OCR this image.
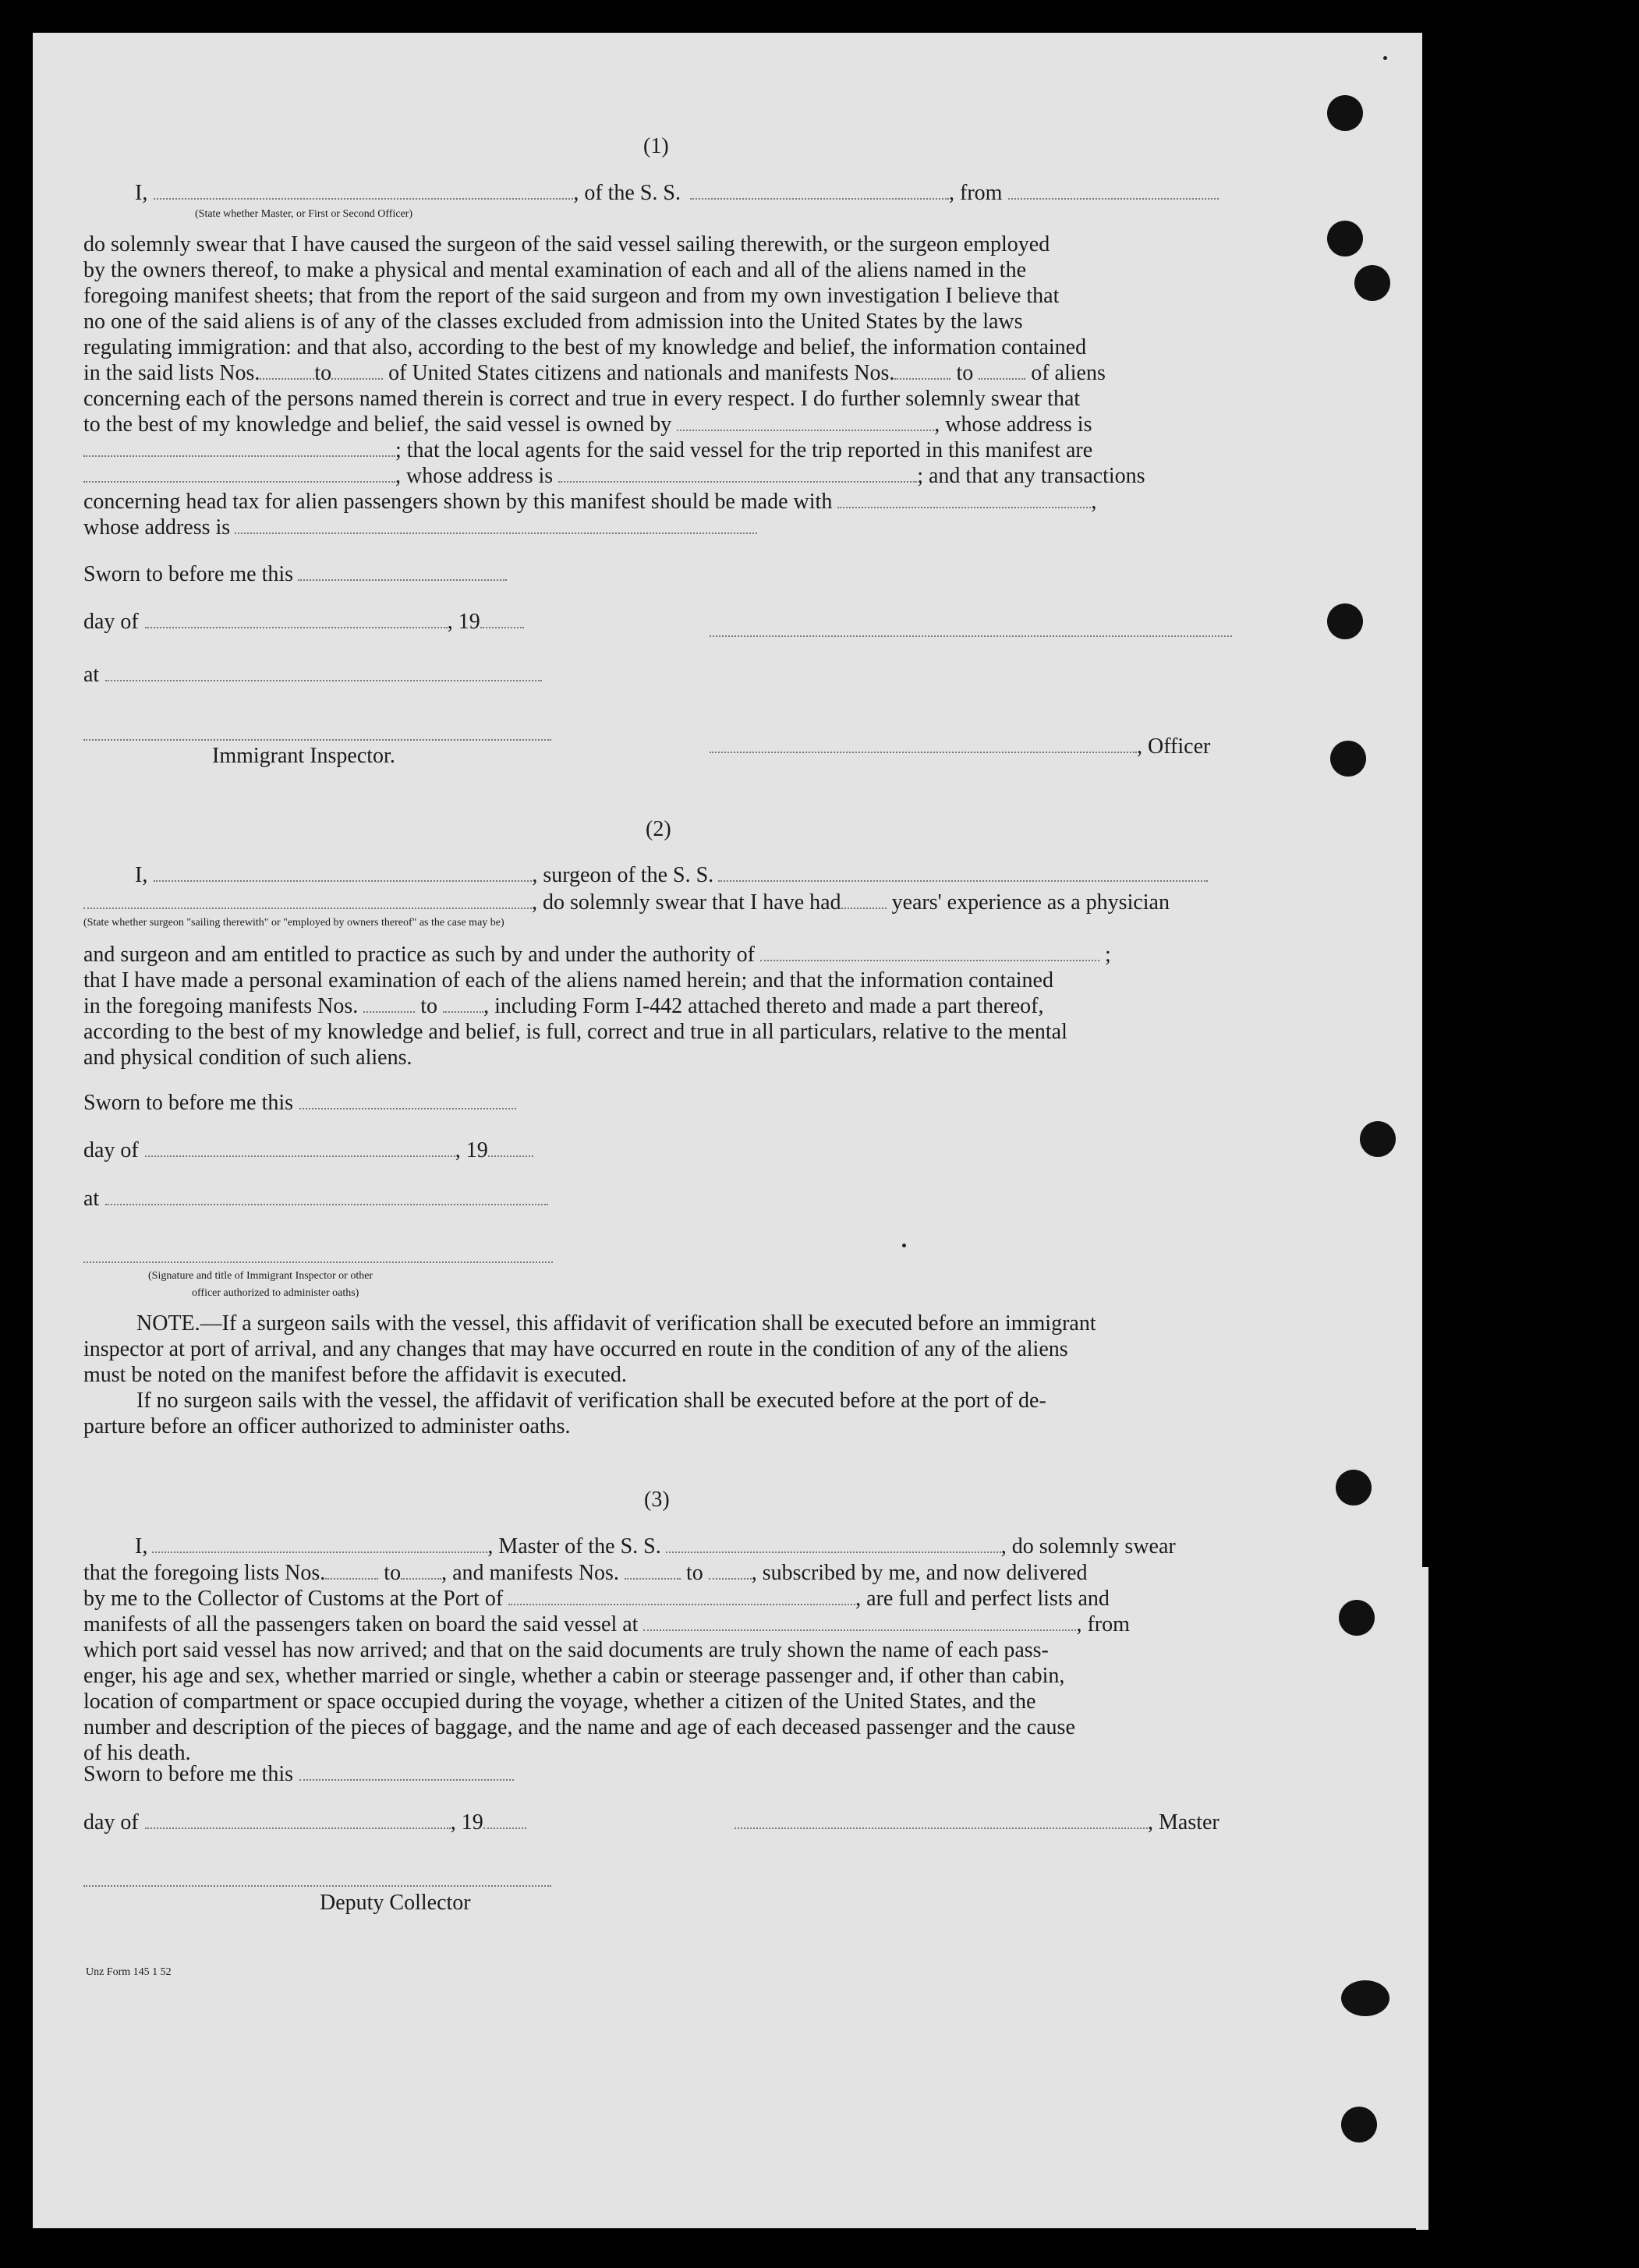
(1)
I,	, of the S. S.	, from
(State whether Master, or First or Second Officer)
do solemnly swear that I have caused the surgeon of the said vessel sailing therewith, or the surgeon employed
by the owners thereof, to make a physical and mental examination of each and all of the aliens named in the
foregoing manifest sheets; that from the report of the said surgeon and from my own investigation I believe that
no one of the said aliens is of any of the classes excluded from admission into the United States by the laws
regulating immigration: and that also, according to the best of my knowledge and belief, the information contained
in the said lists Nos.	to	of United States citizens and nationals and manifests Nos.	to	of aliens
concerning each of the persons named therein is correct and true in every respect. I do further solemnly swear that
to the best of my knowledge and belief, the said vessel is owned by	, whose address is
; that the local agents for the said vessel for the trip reported in this manifest are
, whose address is	; and that any transactions
concerning head tax for alien passengers shown by this manifest should be made with	,
whose address is
Sworn to before me this
day of	, 19
at
, Officer
Immigrant Inspector.
(2)
I,	, surgeon of the S. S.
, do solemnly swear that I have had years' experience as a physician
(State whether surgeon "sailing therewith" or "employed by owners thereof" as the case may be)
and surgeon and am entitled to practice as such by and under the authority of	;
that I have made a personal examination of each of the aliens named herein; and that the information contained
in the foregoing manifests Nos.	to , including Form I-442 attached thereto and made a part thereof,
according to the best of my knowledge and belief, is full, correct and true in all particulars, relative to the mental
and physical condition of such aliens.
Sworn to before me this
day of	, 19
at
(Signature and title of Immigrant Inspector or other
officer authorized to administer oaths)
NOTE.—If a surgeon sails with the vessel, this affidavit of verification shall be executed before an immigrant
inspector at port of arrival, and any changes that may have occurred en route in the condition of any of the aliens
must be noted on the manifest before the affidavit is executed.
If no surgeon sails with the vessel, the affidavit of verification shall be executed before at the port of de-
parture before an officer authorized to administer oaths.
(3)
I,	, Master of the S. S.	, do solemnly swear
that the foregoing lists Nos.	to , and manifests Nos.	to , subscribed by me, and now delivered
by me to the Collector of Customs at the Port of	, are full and perfect lists and
manifests of all the passengers taken on board the said vessel at	, from
which port said vessel has now arrived; and that on the said documents are truly shown the name of each pass-
enger, his age and sex, whether married or single, whether a cabin or steerage passenger and, if other than cabin,
location of compartment or space occupied during the voyage, whether a citizen of the United States, and the
number and description of the pieces of baggage, and the name and age of each deceased passenger and the cause
of his death.
Sworn to before me this
day of	, 19	, Master
Deputy Collector
Unz Form 145 1 52
